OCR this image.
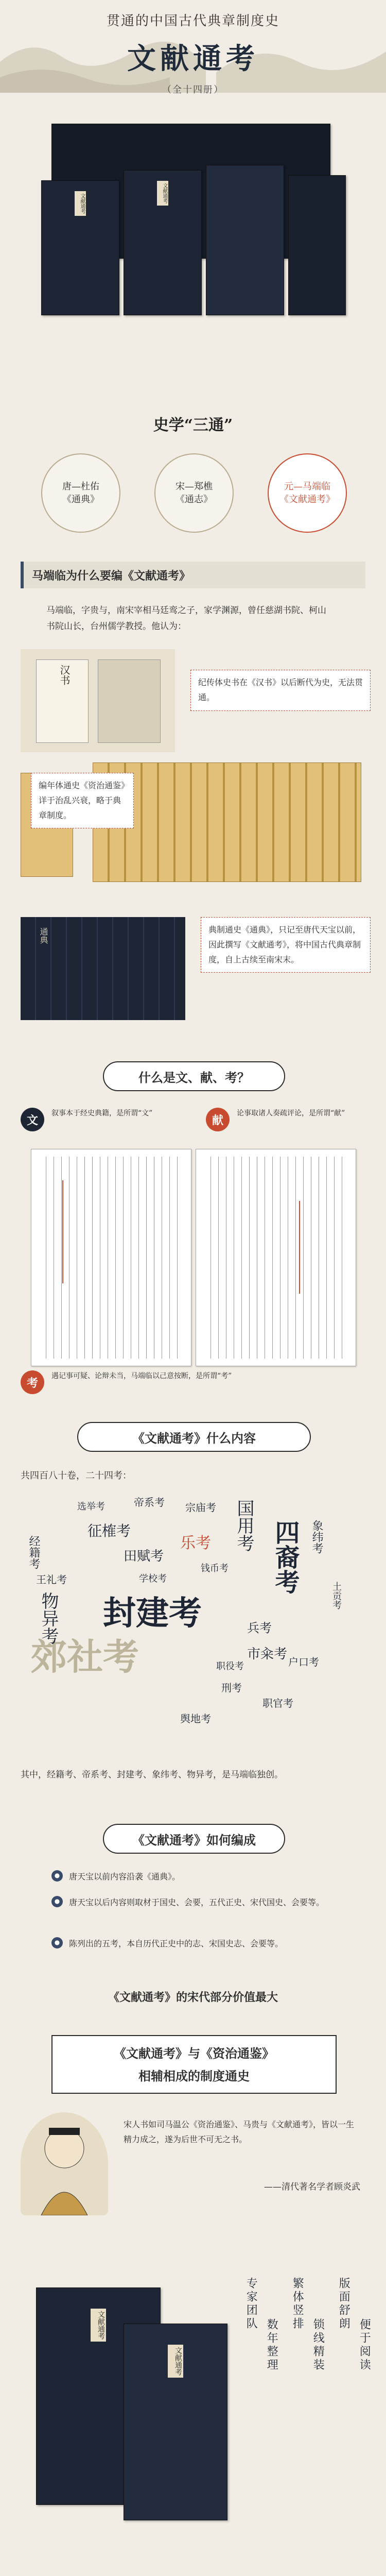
贯通的中国古代典章制度史
文献通考
（全十四册）
文献通考	文献通考
史学“三通”
唐—杜佑
《通典》
宋—郑樵
《通志》
元—马端临
《文献通考》
马端临为什么要编《文献通考》
马端临，字贵与，南宋宰相马廷鸾之子，家学渊源，曾任慈湖书院、柯山书院山长，台州儒学教授。他认为：
汉书	纪传体史书在《汉书》以后断代为史，无法贯通。
编年体通史《资治通鉴》详于治乱兴衰，略于典章制度。
通典	典制通史《通典》，只记至唐代天宝以前，因此撰写《文献通考》，将中国古代典章制度，自上古续至南宋末。
什么是文、献、考？
文
叙事本于经史典籍，是所谓“文”
献
论事取诸人奏疏评论，是所谓“献”
考
遇记事可疑、论辩未当，马端临以己意按断，是所谓“考”
《文献通考》什么内容
共四百八十卷，二十四考：
封建考
郊社考
四裔考
物异考
帝系考
征榷考
乐考
经籍考	象纬考
宗庙考
田赋考
国用考
兵考
刑考
舆地考
王礼考
职官考
选举考
学校考
户口考
钱币考
市籴考
土贡考
职役考
其中，经籍考、帝系考、封建考、象纬考、物异考，是马端临独创。
《文献通考》如何编成
●	唐天宝以前内容沿袭《通典》。
●	唐天宝以后内容则取材于国史、会要，五代正史、宋代国史、会要等。
●	陈列出的五考，本自历代正史中的志、宋国史志、会要等。
《文献通考》的宋代部分价值最大
《文献通考》与《资治通鉴》
相辅相成的制度通史
宋人书如司马温公《资治通鉴》、马贵与《文献通考》，皆以一生精力成之，遂为后世不可无之书。
——清代著名学者顾炎武
文献通考
文献通考
专家团队
数年整理
繁体竖排
锁线精装
版面舒朗
便于阅读
